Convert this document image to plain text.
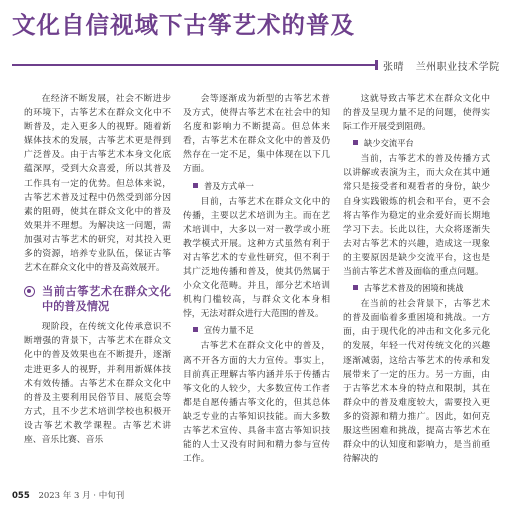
文化自信视域下古筝艺术的普及
张晴 兰州职业技术学院

在经济不断发展，社会不断进步的环境下，古筝艺术在群众文化中不断普及，走入更多人的视野。随着新媒体技术的发展，古筝艺术更是得到广泛普及。由于古筝艺术本身文化底蕴深厚，受到大众喜爱，所以其普及工作具有一定的优势。但总体来说，古筝艺术普及过程中仍然受到部分因素的阻碍，使其在群众文化中的普及效果并不理想。为解决这一问题，需加强对古筝艺术的研究，对其投入更多的资源，培养专业队伍，保证古筝艺术在群众文化中的普及高效展开。

当前古筝艺术在群众文化中的普及情况

现阶段，在传统文化传承意识不断增强的背景下，古筝艺术在群众文化中的普及效果也在不断提升，逐渐走进更多人的视野，并利用新媒体技术有效传播。古筝艺术在群众文化中的普及主要利用民俗节目、展览会等方式，且不少艺术培训学校也积极开设古筝艺术教学课程。古筝艺术讲座、音乐比赛、音乐

会等逐渐成为新型的古筝艺术普及方式，使得古筝艺术在社会中的知名度和影响力不断提高。但总体来看，古筝艺术在群众文化中的普及仍然存在一定不足，集中体现在以下几方面。

普及方式单一

目前，古筝艺术在群众文化中的传播，主要以艺术培训为主。而在艺术培训中，大多以一对一教学或小班教学模式开展。这种方式虽然有利于对古筝艺术的专业性研究，但不利于其广泛地传播和普及，使其仍然属于小众文化范畴。并且，部分艺术培训机构门槛较高，与群众文化本身相悖，无法对群众进行大范围的普及。

宣传力量不足

古筝艺术在群众文化中的普及，离不开各方面的大力宣传。事实上，目前真正理解古筝内涵并乐于传播古筝文化的人较少，大多数宣传工作者都是自愿传播古筝文化的，但其总体缺乏专业的古筝知识技能。而大多数古筝艺术宣传、具备丰富古筝知识技能的人士又没有时间和精力参与宣传工作。

这就导致古筝艺术在群众文化中的普及呈现力量不足的问题，使得实际工作开展受到阻碍。

缺少交流平台

当前，古筝艺术的普及传播方式以讲解或表演为主，而大众在其中通常只是接受者和观看者的身份，缺少自身实践锻炼的机会和平台，更不会将古筝作为稳定的业余爱好而长期地学习下去。长此以往，大众将逐渐失去对古筝艺术的兴趣，造成这一现象的主要原因是缺少交流平台，这也是当前古筝艺术普及面临的重点问题。

古筝艺术普及的困境和挑战

在当前的社会背景下，古筝艺术的普及面临着多重困境和挑战。一方面，由于现代化的冲击和文化多元化的发展，年轻一代对传统文化的兴趣逐渐减弱，这给古筝艺术的传承和发展带来了一定的压力。另一方面，由于古筝艺术本身的特点和限制，其在群众中的普及难度较大，需要投入更多的资源和精力推广。因此，如何克服这些困难和挑战，提高古筝艺术在群众中的认知度和影响力，是当前亟待解决的

055 2023 年 3 月 · 中旬刊
